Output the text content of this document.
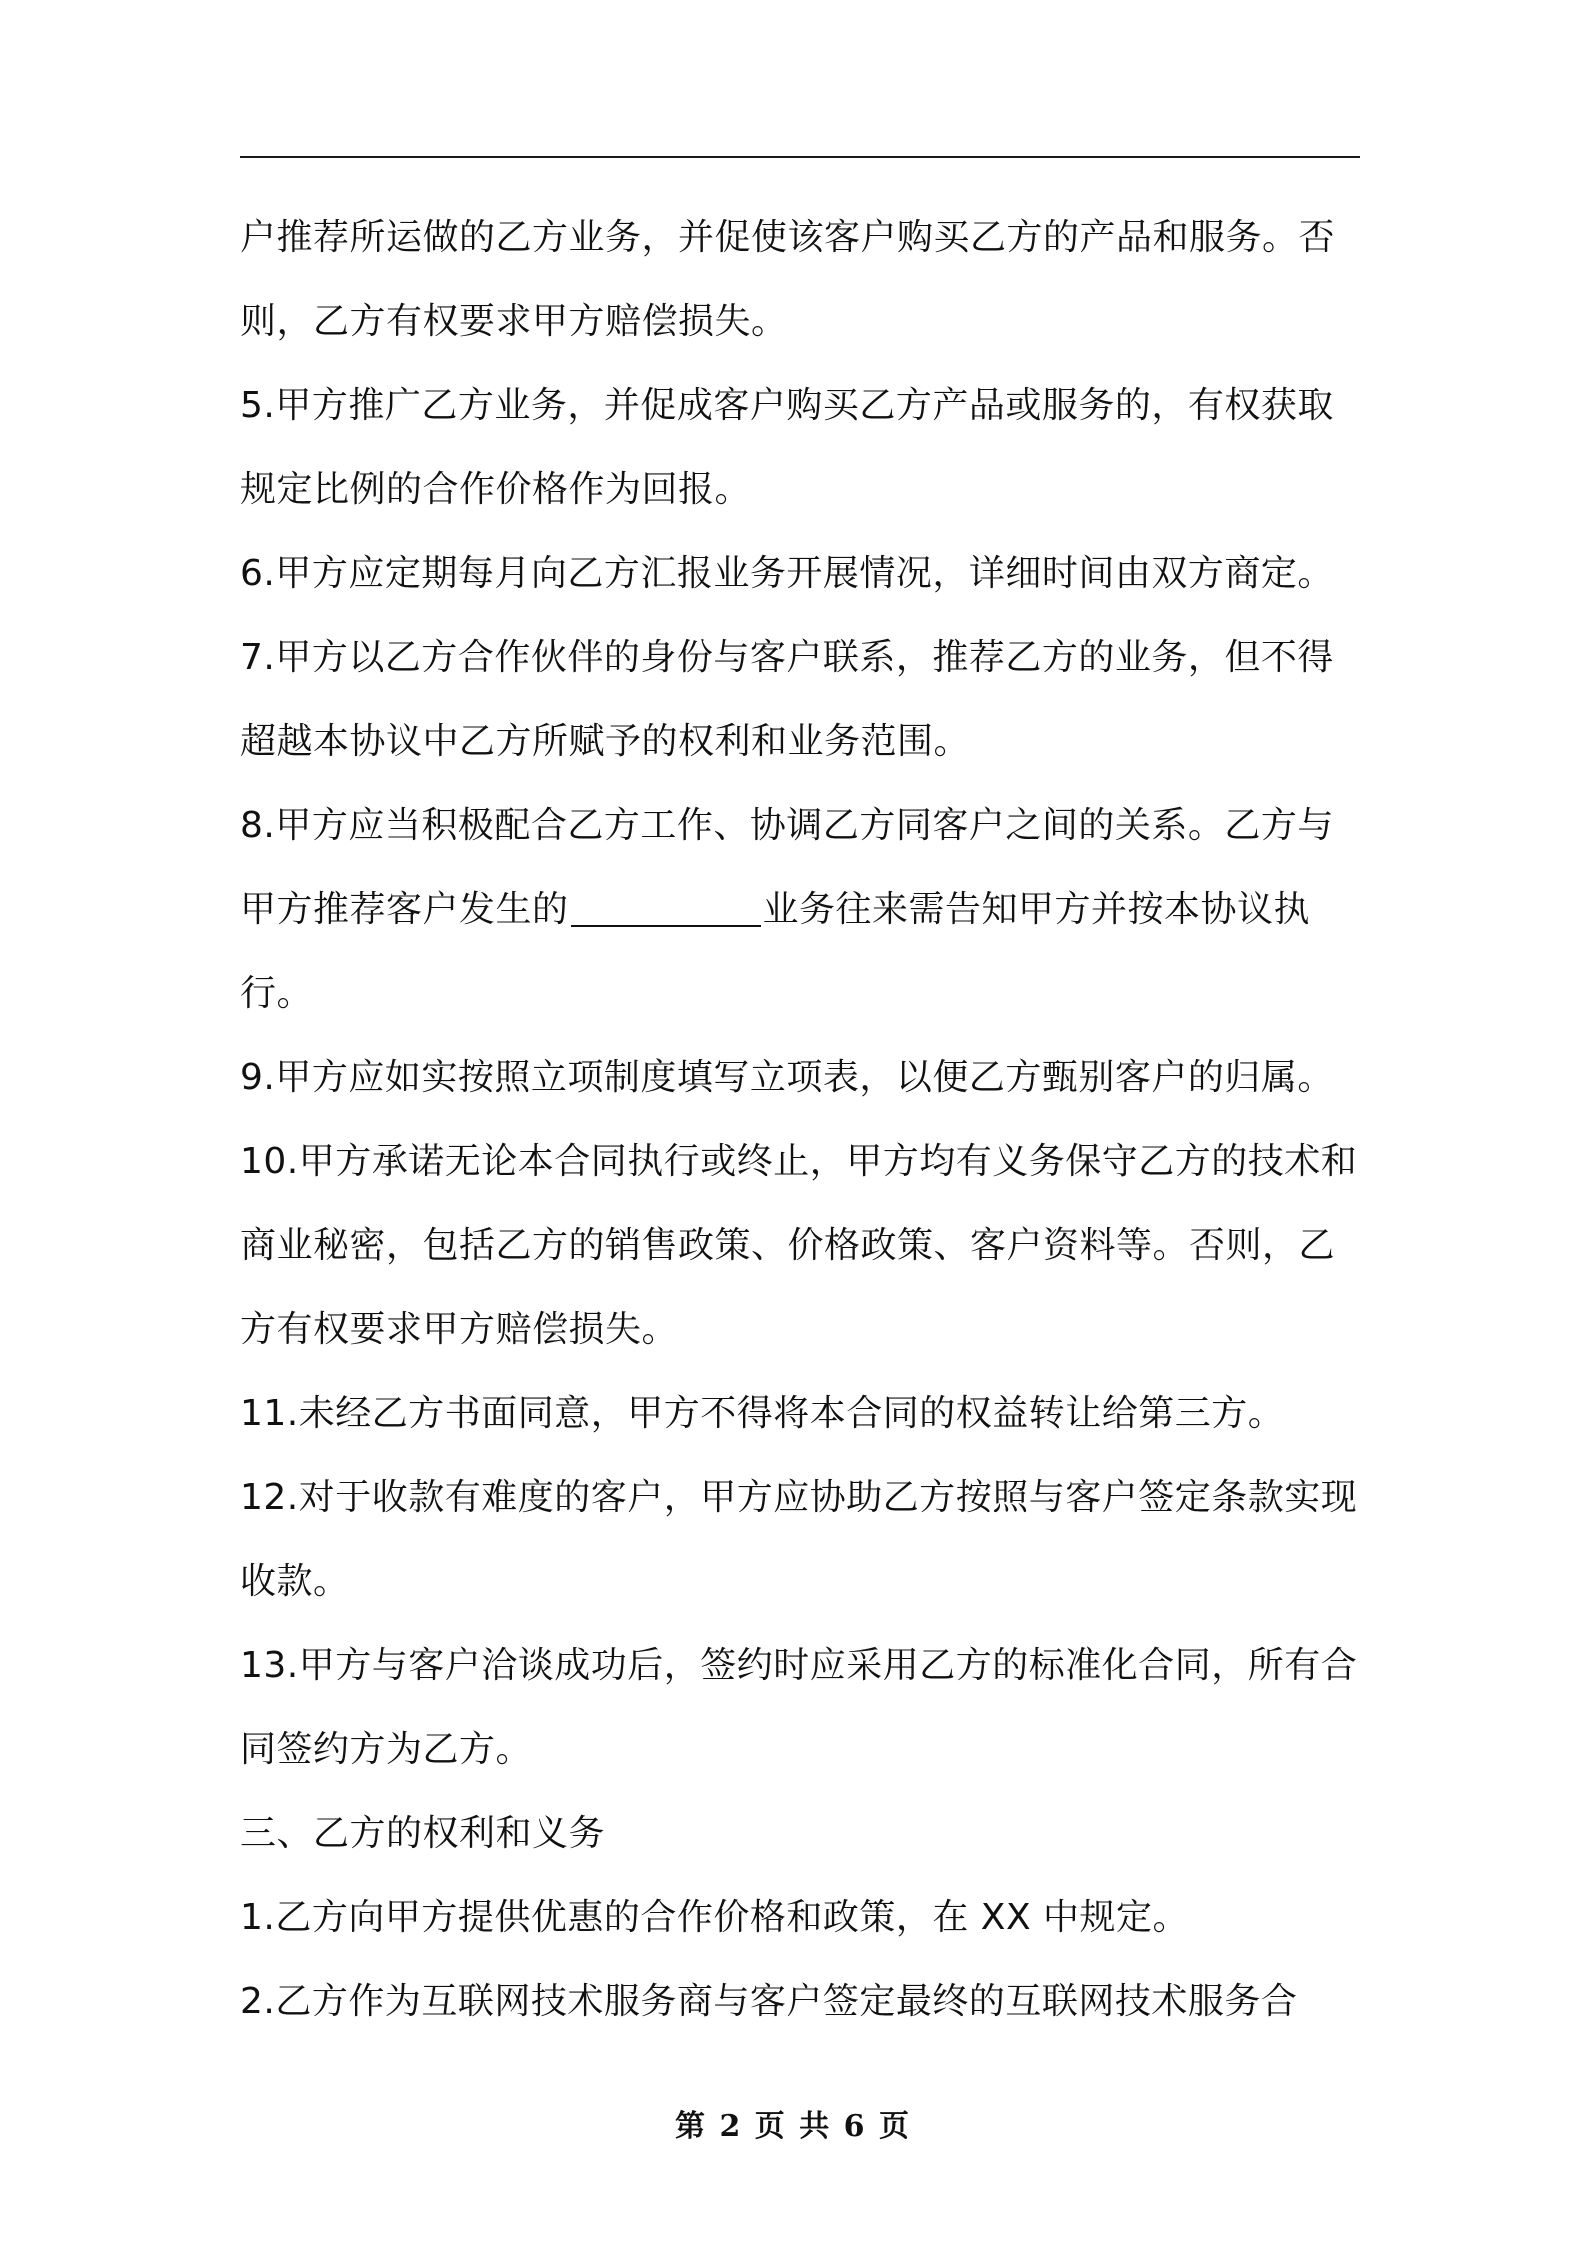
户推荐所运做的乙方业务，并促使该客户购买乙方的产品和服务。否则，乙方有权要求甲方赔偿损失。

5.甲方推广乙方业务，并促成客户购买乙方产品或服务的，有权获取规定比例的合作价格作为回报。

6.甲方应定期每月向乙方汇报业务开展情况，详细时间由双方商定。

7.甲方以乙方合作伙伴的身份与客户联系，推荐乙方的业务，但不得超越本协议中乙方所赋予的权利和业务范围。

8.甲方应当积极配合乙方工作、协调乙方同客户之间的关系。乙方与甲方推荐客户发生的	业务往来需告知甲方并按本协议执行。

9.甲方应如实按照立项制度填写立项表，以便乙方甄别客户的归属。

10.甲方承诺无论本合同执行或终止，甲方均有义务保守乙方的技术和商业秘密，包括乙方的销售政策、价格政策、客户资料等。否则，乙方有权要求甲方赔偿损失。

11.未经乙方书面同意，甲方不得将本合同的权益转让给第三方。

12.对于收款有难度的客户，甲方应协助乙方按照与客户签定条款实现收款。

13.甲方与客户洽谈成功后，签约时应采用乙方的标准化合同，所有合同签约方为乙方。

三、乙方的权利和义务

1.乙方向甲方提供优惠的合作价格和政策，在 XX 中规定。

2.乙方作为互联网技术服务商与客户签定最终的互联网技术服务合

第 2 页 共 6 页
